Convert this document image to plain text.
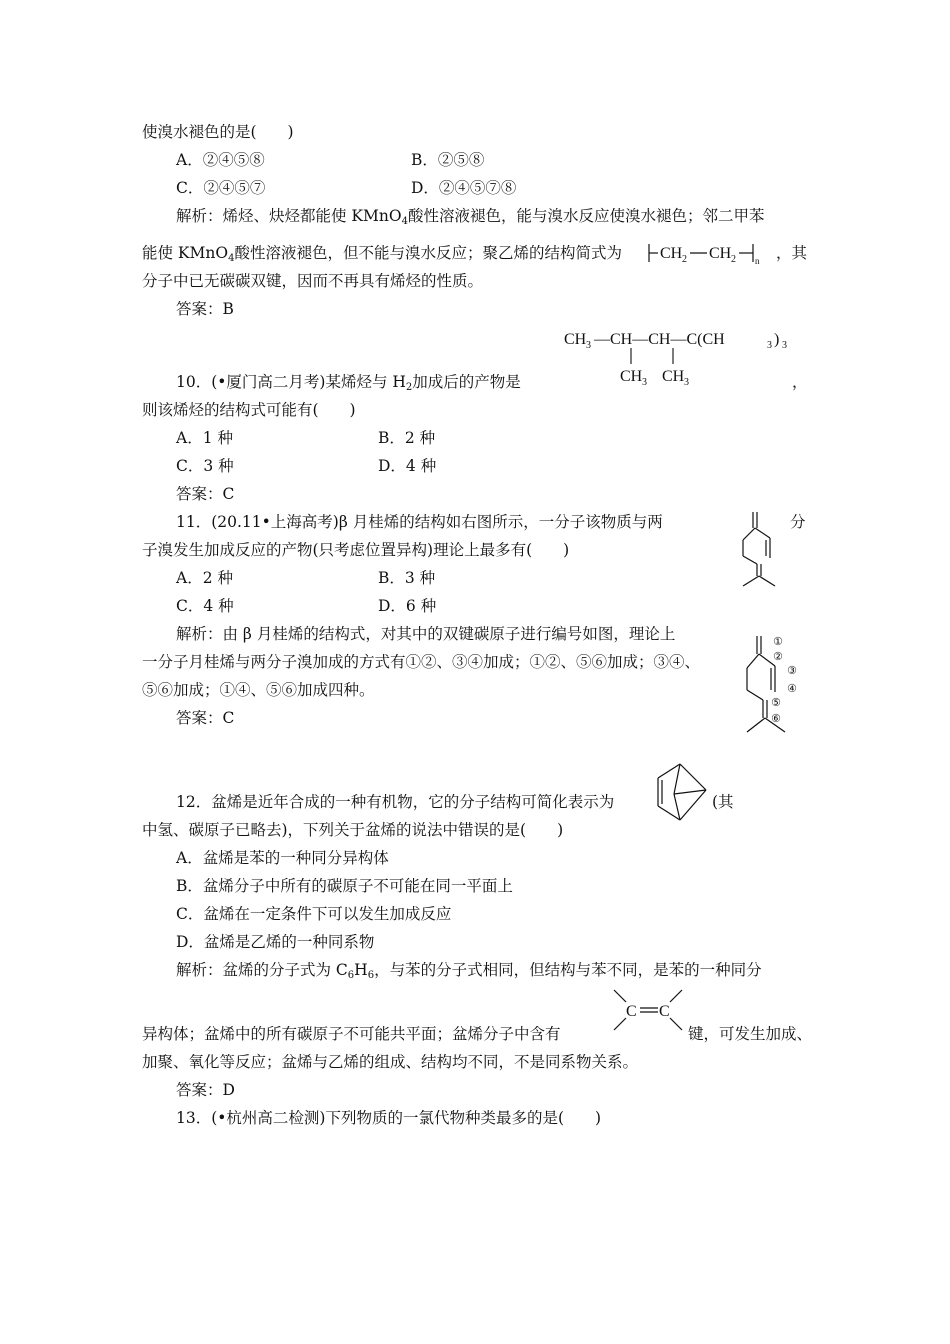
使溴水褪色的是(　　)
A．②④⑤⑧	B．②⑤⑧
C．②④⑤⑦	D．②④⑤⑦⑧
解析：烯烃、炔烃都能使 KMnO4酸性溶液褪色，能与溴水反应使溴水褪色；邻二甲苯
能使 KMnO4酸性溶液褪色，但不能与溴水反应；聚乙烯的结构简式为 CH 2 CH 2 n ，其
分子中已无碳碳双键，因而不再具有烯烃的性质。
答案：B
CH 3 —CH—CH—C(CH	3 ) 3
CH 3 CH 3
10．(•厦门高二月考)某烯烃与 H2加成后的产物是	，
则该烯烃的结构式可能有(　　)
A．1 种	B．2 种
C．3 种	D．4 种
答案：C
11．(20.11•上海高考)β 月桂烯的结构如右图所示，一分子该物质与两	分
子溴发生加成反应的产物(只考虑位置异构)理论上最多有(　　)
A．2 种	B．3 种
C．4 种	D．6 种
解析：由 β 月桂烯的结构式，对其中的双键碳原子进行编号如图，理论上
一分子月桂烯与两分子溴加成的方式有①②、③④加成；①②、⑤⑥加成；③④、
⑤⑥加成；①④、⑤⑥加成四种。
答案：C
①
②
③
④
⑤
⑥
12．盆烯是近年合成的一种有机物，它的分子结构可简化表示为	(其
中氢、碳原子已略去)，下列关于盆烯的说法中错误的是(　　)
A．盆烯是苯的一种同分异构体
B．盆烯分子中所有的碳原子不可能在同一平面上
C．盆烯在一定条件下可以发生加成反应
D．盆烯是乙烯的一种同系物
解析：盆烯的分子式为 C6H6，与苯的分子式相同，但结构与苯不同，是苯的一种同分
C C
异构体；盆烯中的所有碳原子不可能共平面；盆烯分子中含有	键，可发生加成、
加聚、氧化等反应；盆烯与乙烯的组成、结构均不同，不是同系物关系。
答案：D
13．(•杭州高二检测)下列物质的一氯代物种类最多的是(　　)
